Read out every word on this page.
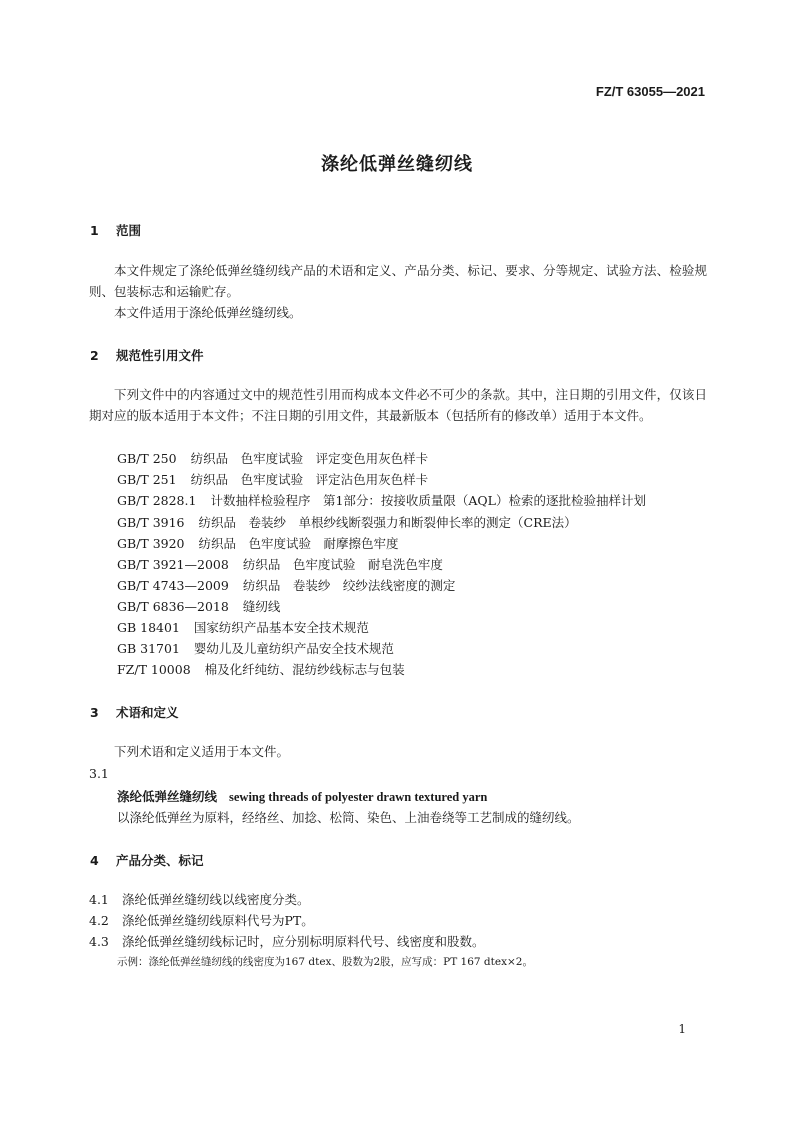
FZ/T 63055—2021
涤纶低弹丝缝纫线
1 范围
本文件规定了涤纶低弹丝缝纫线产品的术语和定义、产品分类、标记、要求、分等规定、试验方法、检验规则、包装标志和运输贮存。
本文件适用于涤纶低弹丝缝纫线。
2 规范性引用文件
下列文件中的内容通过文中的规范性引用而构成本文件必不可少的条款。其中，注日期的引用文件，仅该日期对应的版本适用于本文件；不注日期的引用文件，其最新版本（包括所有的修改单）适用于本文件。
GB/T 250 纺织品　色牢度试验　评定变色用灰色样卡
GB/T 251 纺织品　色牢度试验　评定沾色用灰色样卡
GB/T 2828.1 计数抽样检验程序　第1部分：按接收质量限（AQL）检索的逐批检验抽样计划
GB/T 3916 纺织品　卷装纱　单根纱线断裂强力和断裂伸长率的测定（CRE法）
GB/T 3920 纺织品　色牢度试验　耐摩擦色牢度
GB/T 3921—2008 纺织品　色牢度试验　耐皂洗色牢度
GB/T 4743—2009 纺织品　卷装纱　绞纱法线密度的测定
GB/T 6836—2018 缝纫线
GB 18401 国家纺织产品基本安全技术规范
GB 31701 婴幼儿及儿童纺织产品安全技术规范
FZ/T 10008 棉及化纤纯纺、混纺纱线标志与包装
3 术语和定义
下列术语和定义适用于本文件。
3.1
涤纶低弹丝缝纫线 sewing threads of polyester drawn textured yarn
以涤纶低弹丝为原料，经络丝、加捻、松筒、染色、上油卷绕等工艺制成的缝纫线。
4 产品分类、标记
4.1 涤纶低弹丝缝纫线以线密度分类。
4.2 涤纶低弹丝缝纫线原料代号为PT。
4.3 涤纶低弹丝缝纫线标记时，应分别标明原料代号、线密度和股数。
示例：涤纶低弹丝缝纫线的线密度为167 dtex、股数为2股，应写成：PT 167 dtex×2。
1
